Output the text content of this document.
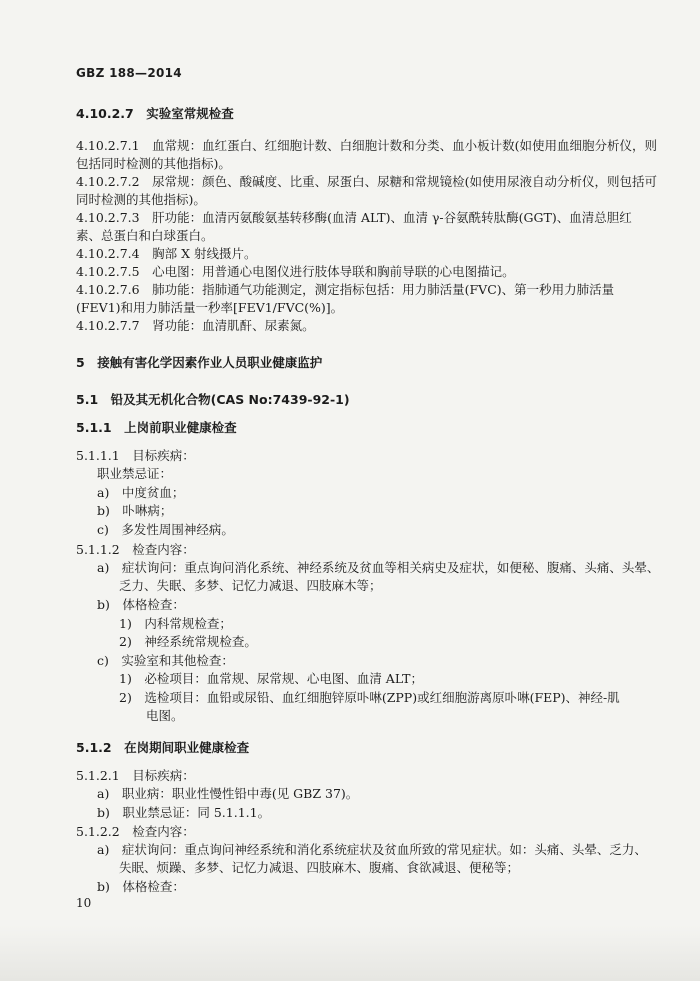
GBZ 188—2014
4.10.2.7　实验室常规检查
4.10.2.7.1　血常规：血红蛋白、红细胞计数、白细胞计数和分类、血小板计数(如使用血细胞分析仪，则
包括同时检测的其他指标)。
4.10.2.7.2　尿常规：颜色、酸碱度、比重、尿蛋白、尿糖和常规镜检(如使用尿液自动分析仪，则包括可
同时检测的其他指标)。
4.10.2.7.3　肝功能：血清丙氨酸氨基转移酶(血清 ALT)、血清 γ-谷氨酰转肽酶(GGT)、血清总胆红
素、总蛋白和白球蛋白。
4.10.2.7.4　胸部 X 射线摄片。
4.10.2.7.5　心电图：用普通心电图仪进行肢体导联和胸前导联的心电图描记。
4.10.2.7.6　肺功能：指肺通气功能测定，测定指标包括：用力肺活量(FVC)、第一秒用力肺活量
(FEV1)和用力肺活量一秒率[FEV1/FVC(%)]。
4.10.2.7.7　肾功能：血清肌酐、尿素氮。
5　接触有害化学因素作业人员职业健康监护
5.1　铅及其无机化合物(CAS No:7439-92-1)
5.1.1　上岗前职业健康检查
5.1.1.1　目标疾病：
职业禁忌证：
a)　中度贫血；
b)　卟啉病；
c)　多发性周围神经病。
5.1.1.2　检查内容：
a)　症状询问：重点询问消化系统、神经系统及贫血等相关病史及症状，如便秘、腹痛、头痛、头晕、
乏力、失眠、多梦、记忆力减退、四肢麻木等；
b)　体格检查：
1)　内科常规检查；
2)　神经系统常规检查。
c)　实验室和其他检查：
1)　必检项目：血常规、尿常规、心电图、血清 ALT；
2)　选检项目：血铅或尿铅、血红细胞锌原卟啉(ZPP)或红细胞游离原卟啉(FEP)、神经-肌
电图。
5.1.2　在岗期间职业健康检查
5.1.2.1　目标疾病：
a)　职业病：职业性慢性铅中毒(见 GBZ 37)。
b)　职业禁忌证：同 5.1.1.1。
5.1.2.2　检查内容：
a)　症状询问：重点询问神经系统和消化系统症状及贫血所致的常见症状。如：头痛、头晕、乏力、
失眠、烦躁、多梦、记忆力减退、四肢麻木、腹痛、食欲减退、便秘等；
b)　体格检查：
10
